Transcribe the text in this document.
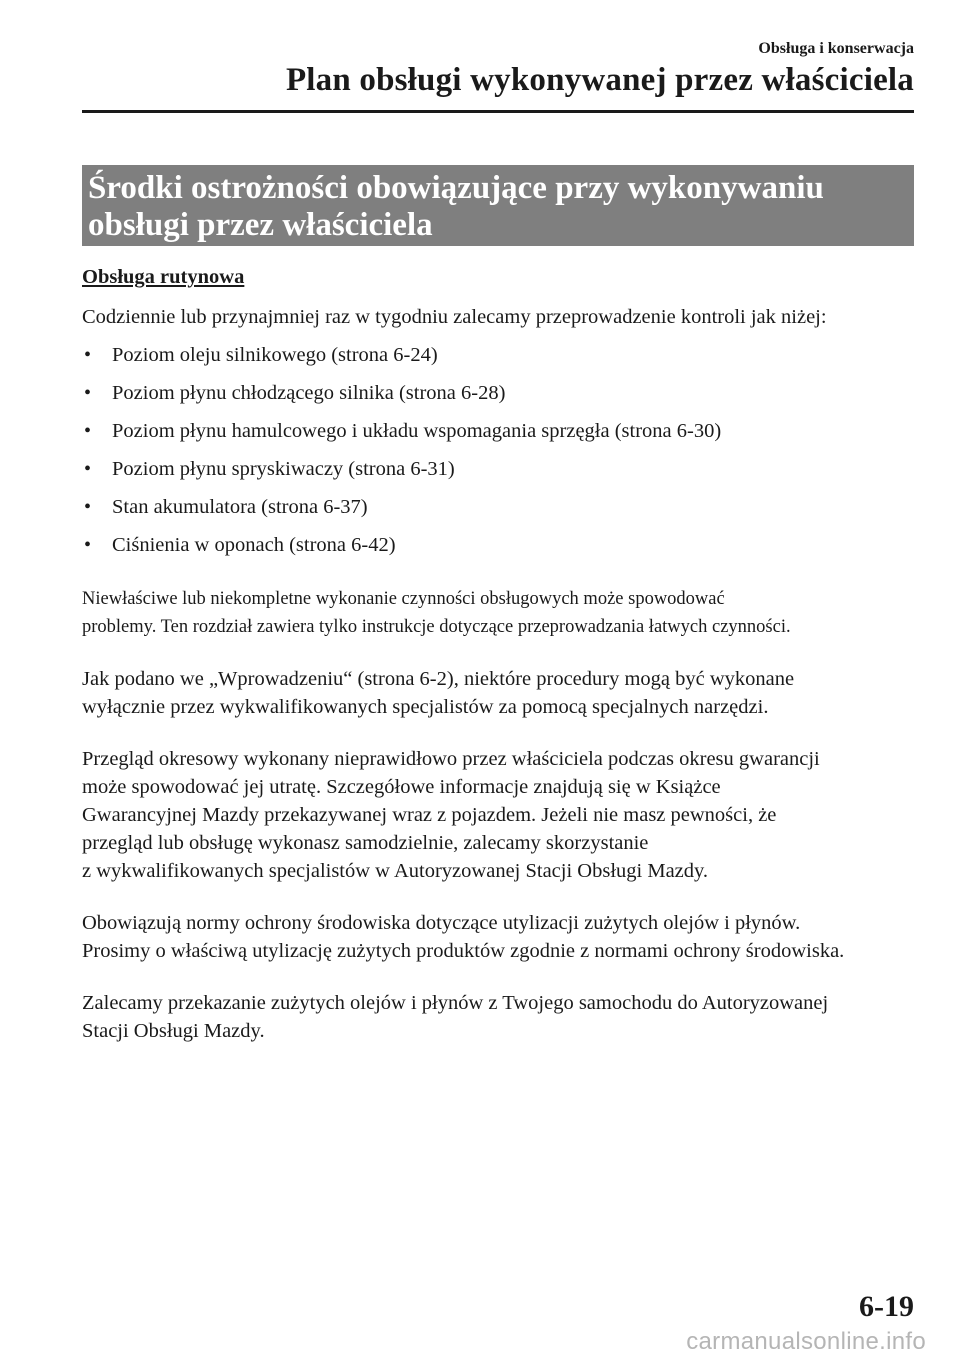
Obsługa i konserwacja
Plan obsługi wykonywanej przez właściciela
Środki ostrożności obowiązujące przy wykonywaniu obsługi przez właściciela
Obsługa rutynowa
Codziennie lub przynajmniej raz w tygodniu zalecamy przeprowadzenie kontroli jak niżej:
•	Poziom oleju silnikowego (strona 6-24)
•	Poziom płynu chłodzącego silnika (strona 6-28)
•	Poziom płynu hamulcowego i układu wspomagania sprzęgła (strona 6-30)
•	Poziom płynu spryskiwaczy (strona 6-31)
•	Stan akumulatora (strona 6-37)
•	Ciśnienia w oponach (strona 6-42)

Niewłaściwe lub niekompletne wykonanie czynności obsługowych może spowodować
problemy. Ten rozdział zawiera tylko instrukcje dotyczące przeprowadzania łatwych czynności.

Jak podano we „Wprowadzeniu“ (strona 6-2), niektóre procedury mogą być wykonane
wyłącznie przez wykwalifikowanych specjalistów za pomocą specjalnych narzędzi.

Przegląd okresowy wykonany nieprawidłowo przez właściciela podczas okresu gwarancji
może spowodować jej utratę. Szczegółowe informacje znajdują się w Książce
Gwarancyjnej Mazdy przekazywanej wraz z pojazdem. Jeżeli nie masz pewności, że
przegląd lub obsługę wykonasz samodzielnie, zalecamy skorzystanie
z wykwalifikowanych specjalistów w Autoryzowanej Stacji Obsługi Mazdy.

Obowiązują normy ochrony środowiska dotyczące utylizacji zużytych olejów i płynów.
Prosimy o właściwą utylizację zużytych produktów zgodnie z normami ochrony środowiska.

Zalecamy przekazanie zużytych olejów i płynów z Twojego samochodu do Autoryzowanej
Stacji Obsługi Mazdy.

6-19
carmanualsonline.info
